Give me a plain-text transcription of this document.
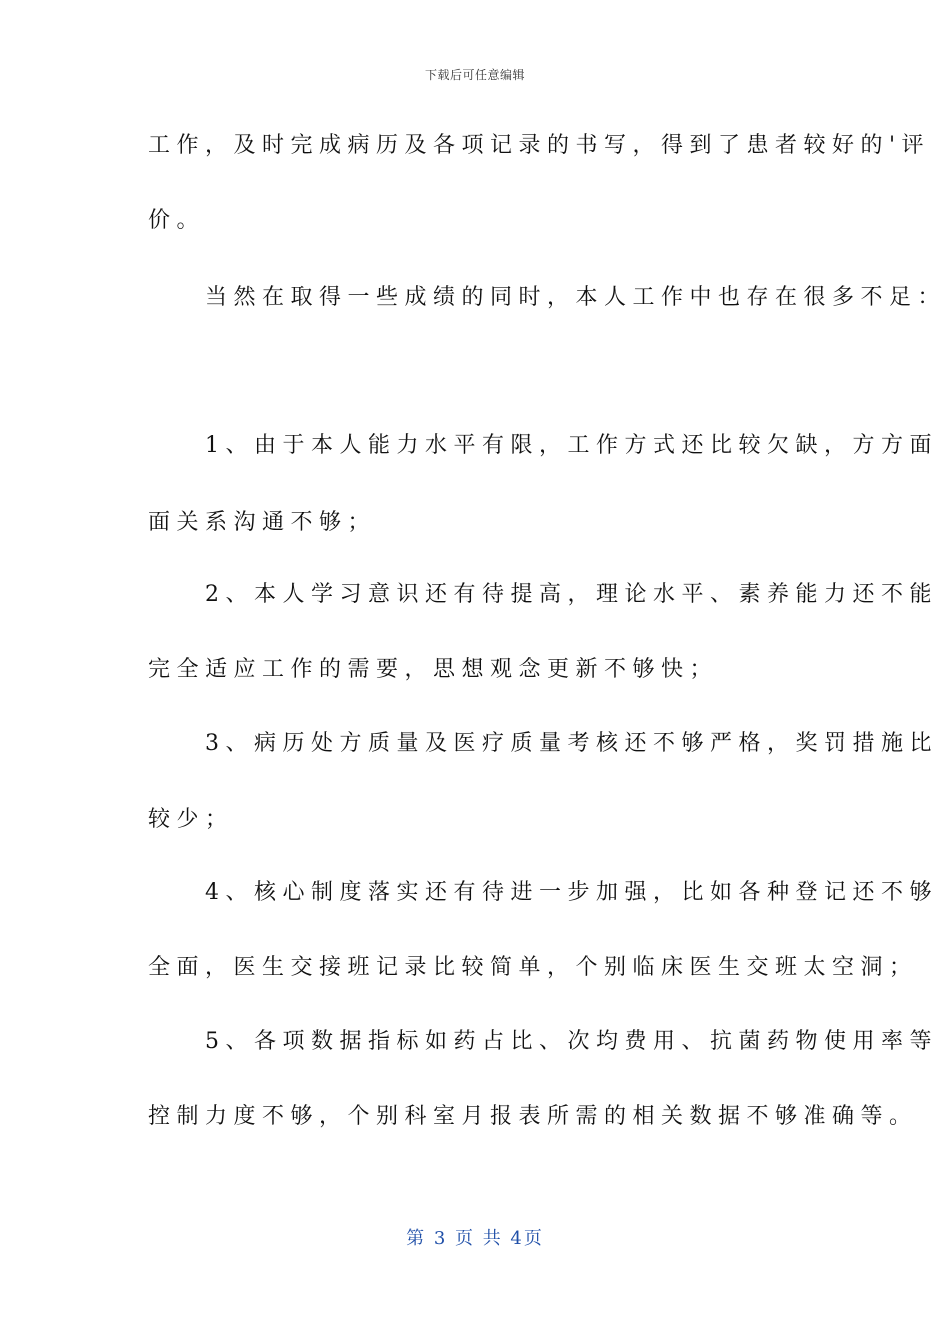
下载后可任意编辑
工作，及时完成病历及各项记录的书写，得到了患者较好的'评
价。
　　当然在取得一些成绩的同时，本人工作中也存在很多不足：
　　1、由于本人能力水平有限，工作方式还比较欠缺，方方面
面关系沟通不够；
　　2、本人学习意识还有待提高，理论水平、素养能力还不能
完全适应工作的需要，思想观念更新不够快；
　　3、病历处方质量及医疗质量考核还不够严格，奖罚措施比
较少；
　　4、核心制度落实还有待进一步加强，比如各种登记还不够
全面，医生交接班记录比较简单，个别临床医生交班太空洞；
　　5、各项数据指标如药占比、次均费用、抗菌药物使用率等
控制力度不够，个别科室月报表所需的相关数据不够准确等。
第 3 页 共 4页
